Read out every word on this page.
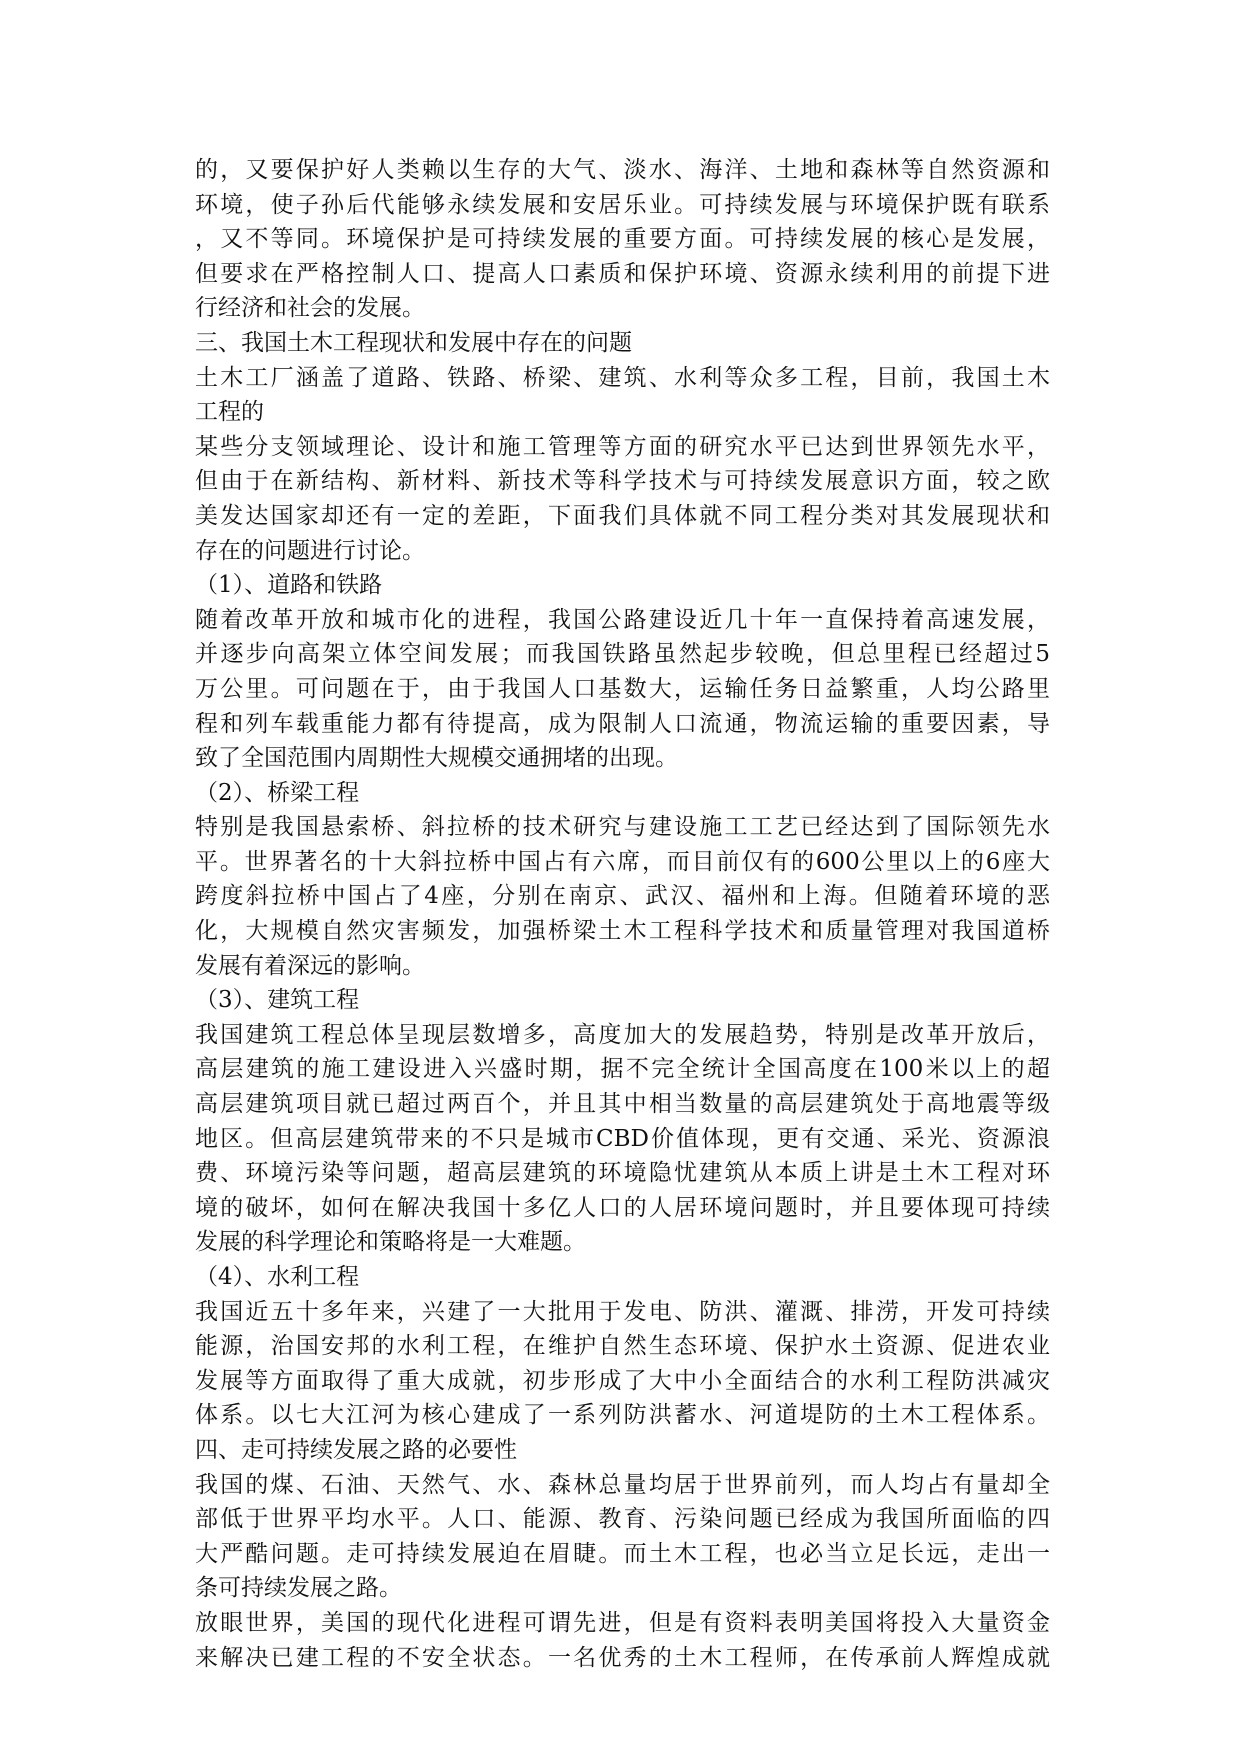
的，又要保护好人类赖以生存的大气、淡水、海洋、土地和森林等自然资源和
环境，使子孙后代能够永续发展和安居乐业。可持续发展与环境保护既有联系
，又不等同。环境保护是可持续发展的重要方面。可持续发展的核心是发展，
但要求在严格控制人口、提高人口素质和保护环境、资源永续利用的前提下进
行经济和社会的发展。
三、我国土木工程现状和发展中存在的问题
土木工厂涵盖了道路、铁路、桥梁、建筑、水利等众多工程，目前，我国土木
工程的
某些分支领域理论、设计和施工管理等方面的研究水平已达到世界领先水平，
但由于在新结构、新材料、新技术等科学技术与可持续发展意识方面，较之欧
美发达国家却还有一定的差距，下面我们具体就不同工程分类对其发展现状和
存在的问题进行讨论。
（1）、道路和铁路
随着改革开放和城市化的进程，我国公路建设近几十年一直保持着高速发展，
并逐步向高架立体空间发展；而我国铁路虽然起步较晚，但总里程已经超过5
万公里。可问题在于，由于我国人口基数大，运输任务日益繁重，人均公路里
程和列车载重能力都有待提高，成为限制人口流通，物流运输的重要因素，导
致了全国范围内周期性大规模交通拥堵的出现。
（2）、桥梁工程
特别是我国悬索桥、斜拉桥的技术研究与建设施工工艺已经达到了国际领先水
平。世界著名的十大斜拉桥中国占有六席，而目前仅有的600公里以上的6座大
跨度斜拉桥中国占了4座，分别在南京、武汉、福州和上海。但随着环境的恶
化，大规模自然灾害频发，加强桥梁土木工程科学技术和质量管理对我国道桥
发展有着深远的影响。
（3）、建筑工程
我国建筑工程总体呈现层数增多，高度加大的发展趋势，特别是改革开放后，
高层建筑的施工建设进入兴盛时期，据不完全统计全国高度在100米以上的超
高层建筑项目就已超过两百个，并且其中相当数量的高层建筑处于高地震等级
地区。但高层建筑带来的不只是城市CBD价值体现，更有交通、采光、资源浪
费、环境污染等问题，超高层建筑的环境隐忧建筑从本质上讲是土木工程对环
境的破坏，如何在解决我国十多亿人口的人居环境问题时，并且要体现可持续
发展的科学理论和策略将是一大难题。
（4）、水利工程
我国近五十多年来，兴建了一大批用于发电、防洪、灌溉、排涝，开发可持续
能源，治国安邦的水利工程，在维护自然生态环境、保护水土资源、促进农业
发展等方面取得了重大成就，初步形成了大中小全面结合的水利工程防洪减灾
体系。以七大江河为核心建成了一系列防洪蓄水、河道堤防的土木工程体系。
四、走可持续发展之路的必要性
我国的煤、石油、天然气、水、森林总量均居于世界前列，而人均占有量却全
部低于世界平均水平。人口、能源、教育、污染问题已经成为我国所面临的四
大严酷问题。走可持续发展迫在眉睫。而土木工程，也必当立足长远，走出一
条可持续发展之路。
放眼世界，美国的现代化进程可谓先进，但是有资料表明美国将投入大量资金
来解决已建工程的不安全状态。一名优秀的土木工程师，在传承前人辉煌成就
